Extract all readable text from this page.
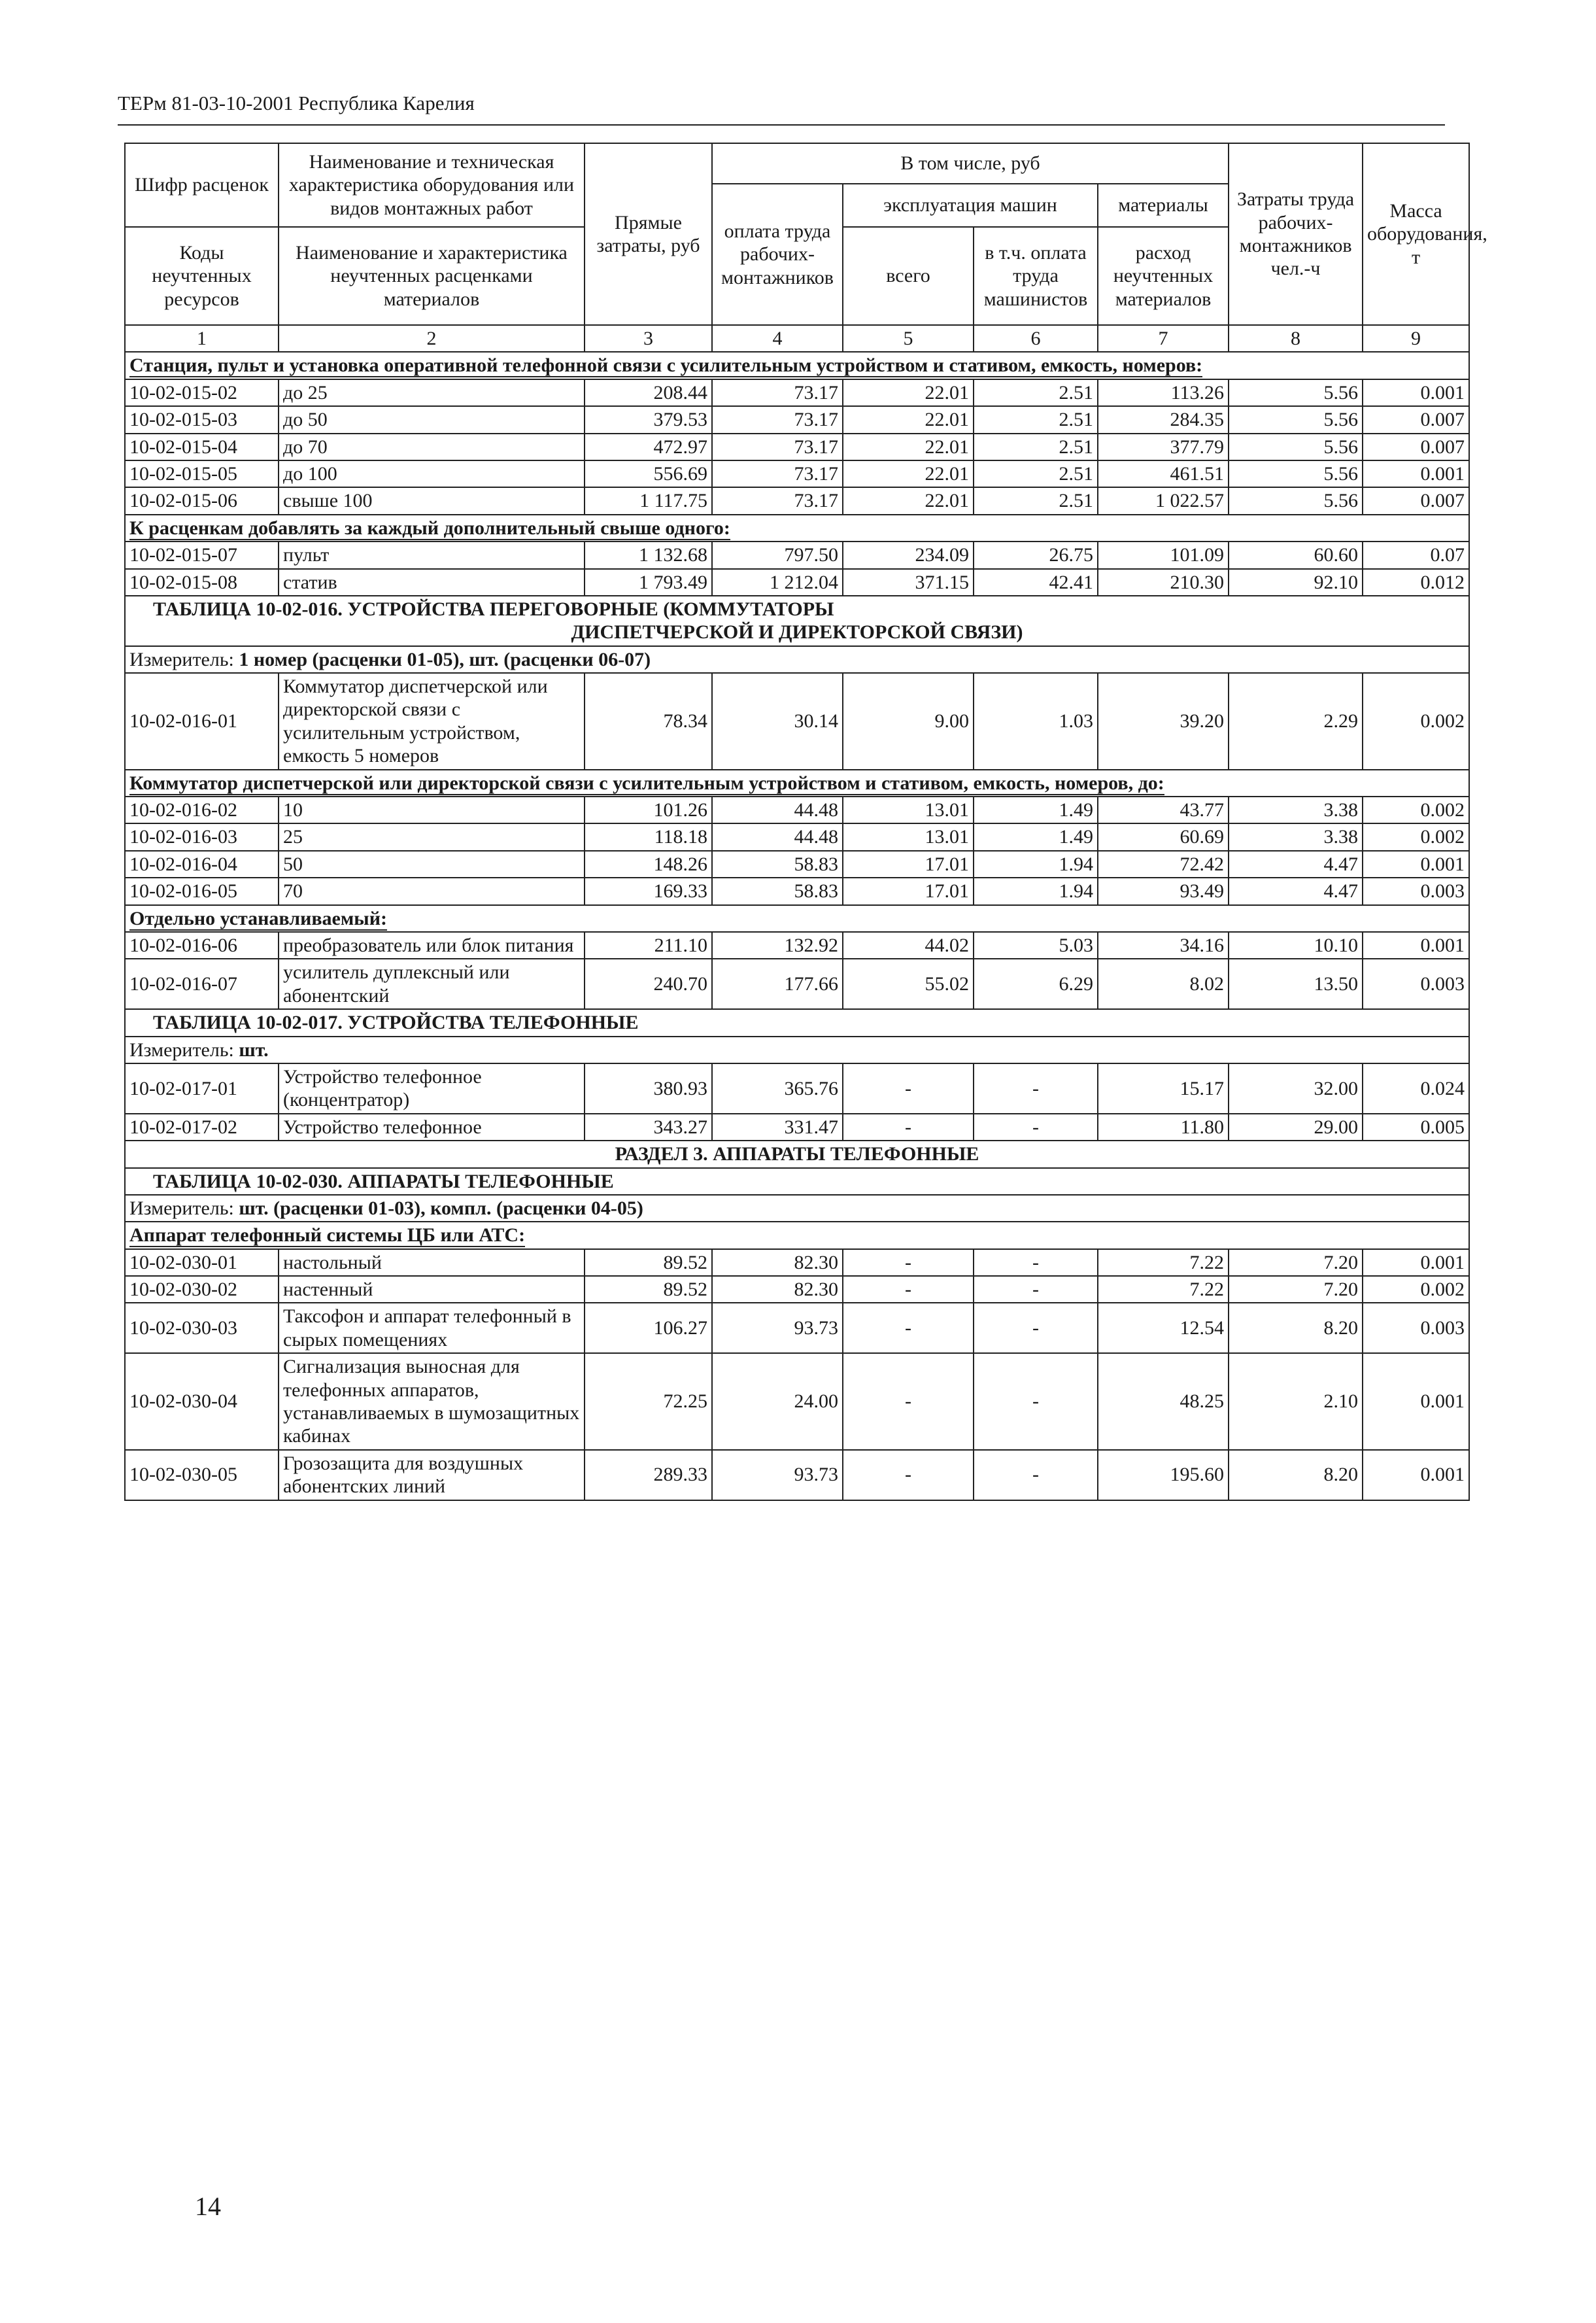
ТЕРм 81-03-10-2001 Республика Карелия
Шифр расценок	Наименование и техническая характеристика оборудования или видов монтажных работ	Прямые затраты, руб	В том числе, руб				Затраты труда рабочих-монтажников чел.-ч	Масса оборудования, т
			оплата труда рабочих-монтажников	эксплуатация машин		материалы		
Коды неучтенных ресурсов	Наименование и характеристика неучтенных расценками материалов			всего	в т.ч. оплата труда машинистов	расход неучтенных материалов		
1	2	3	4	5	6	7	8	9
Станция, пульт и установка оперативной телефонной связи с усилительным устройством и стативом, емкость, номеров:								
10-02-015-02	до 25	208.44	73.17	22.01	2.51	113.26	5.56	0.001
10-02-015-03	до 50	379.53	73.17	22.01	2.51	284.35	5.56	0.007
10-02-015-04	до 70	472.97	73.17	22.01	2.51	377.79	5.56	0.007
10-02-015-05	до 100	556.69	73.17	22.01	2.51	461.51	5.56	0.001
10-02-015-06	свыше 100	1 117.75	73.17	22.01	2.51	1 022.57	5.56	0.007
К расценкам добавлять за каждый дополнительный свыше одного:								
10-02-015-07	пульт	1 132.68	797.50	234.09	26.75	101.09	60.60	0.07
10-02-015-08	статив	1 793.49	1 212.04	371.15	42.41	210.30	92.10	0.012

ТАБЛИЦА 10-02-016. УСТРОЙСТВА ПЕРЕГОВОРНЫЕ (КОММУТАТОРЫ
ДИСПЕТЧЕРСКОЙ И ДИРЕКТОРСКОЙ СВЯЗИ)								

Измеритель: 1 номер (расценки 01-05), шт. (расценки 06-07)								
10-02-016-01	Коммутатор диспетчерской или директорской связи с усилительным устройством, емкость 5 номеров	78.34	30.14	9.00	1.03	39.20	2.29	0.002
Коммутатор диспетчерской или директорской связи с усилительным устройством и стативом, емкость, номеров, до:								
10-02-016-02	10	101.26	44.48	13.01	1.49	43.77	3.38	0.002
10-02-016-03	25	118.18	44.48	13.01	1.49	60.69	3.38	0.002
10-02-016-04	50	148.26	58.83	17.01	1.94	72.42	4.47	0.001
10-02-016-05	70	169.33	58.83	17.01	1.94	93.49	4.47	0.003
Отдельно устанавливаемый:								
10-02-016-06	преобразователь или блок питания	211.10	132.92	44.02	5.03	34.16	10.10	0.001
10-02-016-07	усилитель дуплексный или абонентский	240.70	177.66	55.02	6.29	8.02	13.50	0.003

ТАБЛИЦА 10-02-017. УСТРОЙСТВА ТЕЛЕФОННЫЕ								

Измеритель: шт.								
10-02-017-01	Устройство телефонное (концентратор)	380.93	365.76	-	-	15.17	32.00	0.024
10-02-017-02	Устройство телефонное	343.27	331.47	-	-	11.80	29.00	0.005
РАЗДЕЛ 3. АППАРАТЫ ТЕЛЕФОННЫЕ								

ТАБЛИЦА 10-02-030. АППАРАТЫ ТЕЛЕФОННЫЕ								

Измеритель: шт. (расценки 01-03), компл. (расценки 04-05)								
Аппарат телефонный системы ЦБ или АТС:								
10-02-030-01	настольный	89.52	82.30	-	-	7.22	7.20	0.001
10-02-030-02	настенный	89.52	82.30	-	-	7.22	7.20	0.002
10-02-030-03	Таксофон и аппарат телефонный в сырых помещениях	106.27	93.73	-	-	12.54	8.20	0.003
10-02-030-04	Сигнализация выносная для телефонных аппаратов, устанавливаемых в шумозащитных кабинах	72.25	24.00	-	-	48.25	2.10	0.001
10-02-030-05	Грозозащита для воздушных абонентских линий	289.33	93.73	-	-	195.60	8.20	0.001
14
